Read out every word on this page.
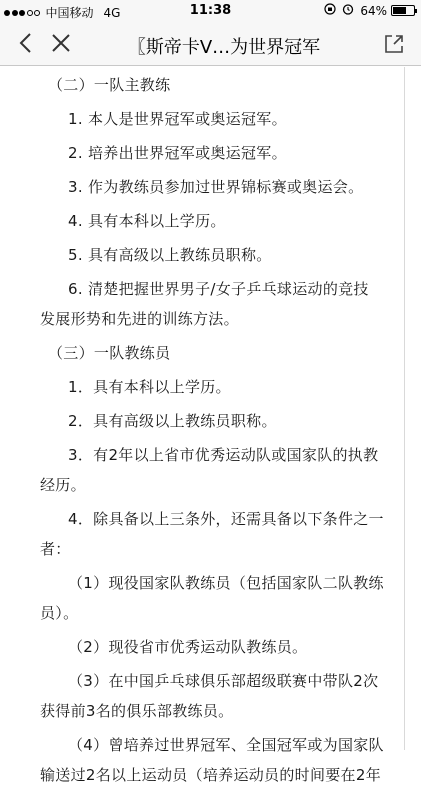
中国移动 4G	11:38	64%
〖斯帝卡V…为世界冠军
（二）一队主教练
1. 本人是世界冠军或奥运冠军。
2. 培养出世界冠军或奥运冠军。
3. 作为教练员参加过世界锦标赛或奥运会。
4. 具有本科以上学历。
5. 具有高级以上教练员职称。
6. 清楚把握世界男子/女子乒乓球运动的竞技
发展形势和先进的训练方法。
（三）一队教练员
1．具有本科以上学历。
2．具有高级以上教练员职称。
3．有2年以上省市优秀运动队或国家队的执教
经历。
4．除具备以上三条外，还需具备以下条件之一
者：
（1）现役国家队教练员（包括国家队二队教练
员）。
（2）现役省市优秀运动队教练员。
（3）在中国乒乓球俱乐部超级联赛中带队2次
获得前3名的俱乐部教练员。
（4）曾培养过世界冠军、全国冠军或为国家队
输送过2名以上运动员（培养运动员的时间要在2年
